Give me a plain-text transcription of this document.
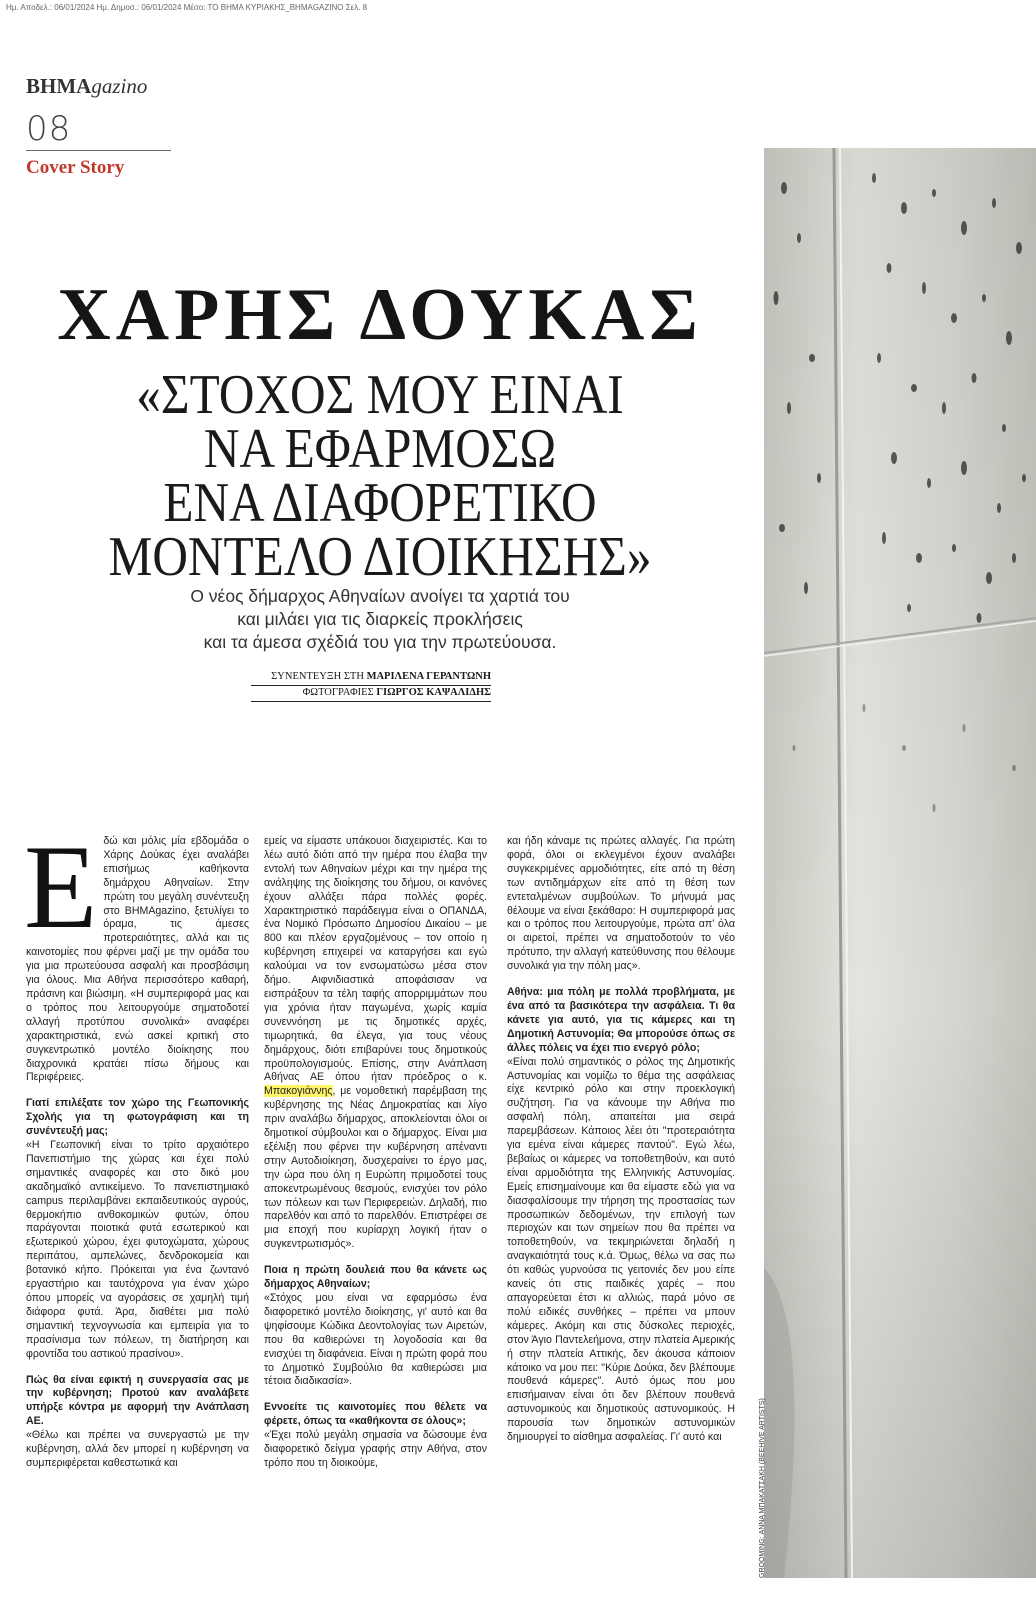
Ημ. Αποδελ.: 06/01/2024 Ημ. Δημοσ.: 06/01/2024 Μέσο: ΤΟ ΒΗΜΑ ΚΥΡΙΑΚΗΣ_ΒΗΜΑGAZINO Σελ. 8
ΒΗΜΑgazino
08
Cover Story
ΧΑΡΗΣ ΔΟΥΚΑΣ
«ΣΤΟΧΟΣ ΜΟΥ ΕΙΝΑΙ
ΝΑ ΕΦΑΡΜΟΣΩ
ΕΝΑ ΔΙΑΦΟΡΕΤΙΚΟ
ΜΟΝΤΕΛΟ ΔΙΟΙΚΗΣΗΣ»
Ο νέος δήμαρχος Αθηναίων ανοίγει τα χαρτιά του
και μιλάει για τις διαρκείς προκλήσεις
και τα άμεσα σχέδιά του για την πρωτεύουσα.
ΣΥΝΕΝΤΕΥΞΗ ΣΤΗ ΜΑΡΙΛΕΝΑ ΓΕΡΑΝΤΩΝΗ
ΦΩΤΟΓΡΑΦΙΕΣ ΓΙΩΡΓΟΣ ΚΑΨΑΛΙΔΗΣ
GROOMING: ΑΝΝΑ ΜΠΑΚΑΤΣΑΚΗ (BEEHIVE ARTISTS)

Εδώ και μόλις μία εβδομάδα ο Χάρης Δούκας έχει αναλάβει επισήμως καθήκοντα δημάρχου Αθηναίων. Στην πρώτη του μεγάλη συνέντευξη στο ΒΗΜΑgazino, ξετυλίγει το όραμα, τις άμεσες προτεραιότητες, αλλά και τις καινοτομίες που φέρνει μαζί με την ομάδα του για μια πρωτεύουσα ασφαλή και προσβάσιμη για όλους. Μια Αθήνα περισσότερο καθαρή, πράσινη και βιώσιμη. «Η συμπεριφορά μας και ο τρόπος που λειτουργούμε σηματοδοτεί αλλαγή προτύπου συνολικά» αναφέρει χαρακτηριστικά, ενώ ασκεί κριτική στο συγκεντρωτικό μοντέλο διοίκησης που διαχρονικά κρατάει πίσω δήμους και Περιφέρειες.

Γιατί επιλέξατε τον χώρο της Γεωπονικής Σχολής για τη φωτογράφιση και τη συνέντευξή μας;

«Η Γεωπονική είναι το τρίτο αρχαιότερο Πανεπιστήμιο της χώρας και έχει πολύ σημαντικές αναφορές και στο δικό μου ακαδημαϊκό αντικείμενο. Το πανεπιστημιακό campus περιλαμβάνει εκπαιδευτικούς αγρούς, θερμοκήπιο ανθοκομικών φυτών, όπου παράγονται ποιοτικά φυτά εσωτερικού και εξωτερικού χώρου, έχει φυτοχώματα, χώρους περιπάτου, αμπελώνες, δενδροκομεία και βοτανικό κήπο. Πρόκειται για ένα ζωντανό εργαστήριο και ταυτόχρονα για έναν χώρο όπου μπορείς να αγοράσεις σε χαμηλή τιμή διάφορα φυτά. Άρα, διαθέτει μια πολύ σημαντική τεχνογνωσία και εμπειρία για το πρασίνισμα των πόλεων, τη διατήρηση και φροντίδα του αστικού πρασίνου».

Πώς θα είναι εφικτή η συνεργασία σας με την κυβέρνηση; Προτού καν αναλάβετε υπήρξε κόντρα με αφορμή την Ανάπλαση ΑΕ.

«Θέλω και πρέπει να συνεργαστώ με την κυβέρνηση, αλλά δεν μπορεί η κυβέρνηση να συμπεριφέρεται καθεστωτικά και

εμείς να είμαστε υπάκουοι διαχειριστές. Και το λέω αυτό διότι από την ημέρα που έλαβα την εντολή των Αθηναίων μέχρι και την ημέρα της ανάληψης της διοίκησης του δήμου, οι κανόνες έχουν αλλάξει πάρα πολλές φορές. Χαρακτηριστικό παράδειγμα είναι ο ΟΠΑΝΔΑ, ένα Νομικό Πρόσωπο Δημοσίου Δικαίου – με 800 και πλέον εργαζομένους – τον οποίο η κυβέρνηση επιχειρεί να καταργήσει και εγώ καλούμαι να τον ενσωματώσω μέσα στον δήμο. Αιφνιδιαστικά αποφάσισαν να εισπράξουν τα τέλη ταφής απορριμμάτων που για χρόνια ήταν παγωμένα, χωρίς καμία συνεννόηση με τις δημοτικές αρχές, τιμωρητικά, θα έλεγα, για τους νέους δημάρχους, διότι επιβαρύνει τους δημοτικούς προϋπολογισμούς. Επίσης, στην Ανάπλαση Αθήνας ΑΕ όπου ήταν πρόεδρος ο κ. Μπακογιάννης, με νομοθετική παρέμβαση της κυβέρνησης της Νέας Δημοκρατίας και λίγο πριν αναλάβω δήμαρχος, αποκλείονται όλοι οι δημοτικοί σύμβουλοι και ο δήμαρχος. Είναι μια εξέλιξη που φέρνει την κυβέρνηση απέναντι στην Αυτοδιοίκηση, δυσχεραίνει το έργο μας, την ώρα που όλη η Ευρώπη πριμοδοτεί τους αποκεντρωμένους θεσμούς, ενισχύει τον ρόλο των πόλεων και των Περιφερειών. Δηλαδή, πιο παρελθόν και από το παρελθόν. Επιστρέφει σε μια εποχή που κυρίαρχη λογική ήταν ο συγκεντρωτισμός».

Ποια η πρώτη δουλειά που θα κάνετε ως δήμαρχος Αθηναίων;

«Στόχος μου είναι να εφαρμόσω ένα διαφορετικό μοντέλο διοίκησης, γι' αυτό και θα ψηφίσουμε Κώδικα Δεοντολογίας των Αιρετών, που θα καθιερώνει τη λογοδοσία και θα ενισχύει τη διαφάνεια. Είναι η πρώτη φορά που το Δημοτικό Συμβούλιο θα καθιερώσει μια τέτοια διαδικασία».

Εννοείτε τις καινοτομίες που θέλετε να φέρετε, όπως τα «καθήκοντα σε όλους»;

«Έχει πολύ μεγάλη σημασία να δώσουμε ένα διαφορετικό δείγμα γραφής στην Αθήνα, στον τρόπο που τη διοικούμε,

και ήδη κάναμε τις πρώτες αλλαγές. Για πρώτη φορά, όλοι οι εκλεγμένοι έχουν αναλάβει συγκεκριμένες αρμοδιότητες, είτε από τη θέση των αντιδημάρχων είτε από τη θέση των εντεταλμένων συμβούλων. Το μήνυμά μας θέλουμε να είναι ξεκάθαρο: Η συμπεριφορά μας και ο τρόπος που λειτουργούμε, πρώτα απ' όλα οι αιρετοί, πρέπει να σηματοδοτούν το νέο πρότυπο, την αλλαγή κατεύθυνσης που θέλουμε συνολικά για την πόλη μας».

Αθήνα: μια πόλη με πολλά προβλήματα, με ένα από τα βασικότερα την ασφάλεια. Τι θα κάνετε για αυτό, για τις κάμερες και τη Δημοτική Αστυνομία; Θα μπορούσε όπως σε άλλες πόλεις να έχει πιο ενεργό ρόλο;

«Είναι πολύ σημαντικός ο ρόλος της Δημοτικής Αστυνομίας και νομίζω το θέμα της ασφάλειας είχε κεντρικό ρόλο και στην προεκλογική συζήτηση. Για να κάνουμε την Αθήνα πιο ασφαλή πόλη, απαιτείται μια σειρά παρεμβάσεων. Κάποιος λέει ότι "προτεραιότητα για εμένα είναι κάμερες παντού". Εγώ λέω, βεβαίως οι κάμερες να τοποθετηθούν, και αυτό είναι αρμοδιότητα της Ελληνικής Αστυνομίας. Εμείς επισημαίνουμε και θα είμαστε εδώ για να διασφαλίσουμε την τήρηση της προστασίας των προσωπικών δεδομένων, την επιλογή των περιοχών και των σημείων που θα πρέπει να τοποθετηθούν, να τεκμηριώνεται δηλαδή η αναγκαιότητά τους κ.ά. Όμως, θέλω να σας πω ότι καθώς γυρνούσα τις γειτονιές δεν μου είπε κανείς ότι στις παιδικές χαρές – που απαγορεύεται έτσι κι αλλιώς, παρά μόνο σε πολύ ειδικές συνθήκες – πρέπει να μπουν κάμερες. Ακόμη και στις δύσκολες περιοχές, στον Άγιο Παντελεήμονα, στην πλατεία Αμερικής ή στην πλατεία Αττικής, δεν άκουσα κάποιον κάτοικο να μου πει: "Κύριε Δούκα, δεν βλέπουμε πουθενά κάμερες". Αυτό όμως που μου επισήμαιναν είναι ότι δεν βλέπουν πουθενά αστυνομικούς και δημοτικούς αστυνομικούς. Η παρουσία των δημοτικών αστυνομικών δημιουργεί το αίσθημα ασφαλείας. Γι' αυτό και
